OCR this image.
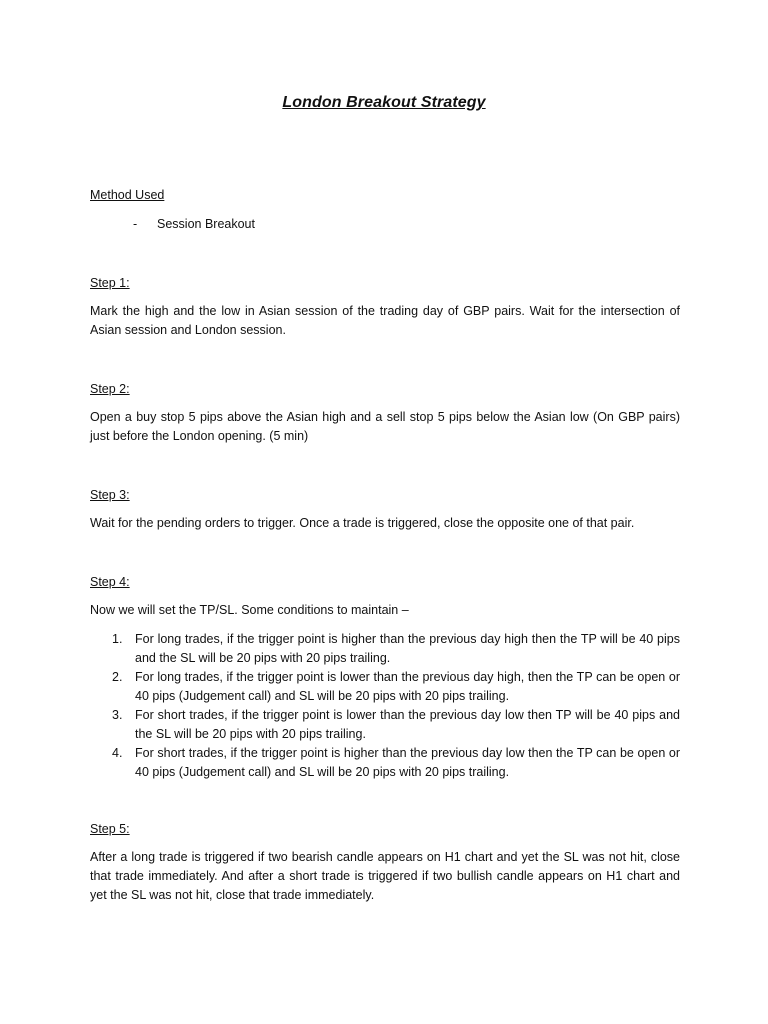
London Breakout Strategy
Method Used
- Session Breakout
Step 1:
Mark the high and the low in Asian session of the trading day of GBP pairs. Wait for the intersection of Asian session and London session.
Step 2:
Open a buy stop 5 pips above the Asian high and a sell stop 5 pips below the Asian low (On GBP pairs) just before the London opening. (5 min)
Step 3:
Wait for the pending orders to trigger. Once a trade is triggered, close the opposite one of that pair.
Step 4:
Now we will set the TP/SL. Some conditions to maintain –
1. For long trades, if the trigger point is higher than the previous day high then the TP will be 40 pips and the SL will be 20 pips with 20 pips trailing.
2. For long trades, if the trigger point is lower than the previous day high, then the TP can be open or 40 pips (Judgement call) and SL will be 20 pips with 20 pips trailing.
3. For short trades, if the trigger point is lower than the previous day low then TP will be 40 pips and the SL will be 20 pips with 20 pips trailing.
4. For short trades, if the trigger point is higher than the previous day low then the TP can be open or 40 pips (Judgement call) and SL will be 20 pips with 20 pips trailing.
Step 5:
After a long trade is triggered if two bearish candle appears on H1 chart and yet the SL was not hit, close that trade immediately. And after a short trade is triggered if two bullish candle appears on H1 chart and yet the SL was not hit, close that trade immediately.
